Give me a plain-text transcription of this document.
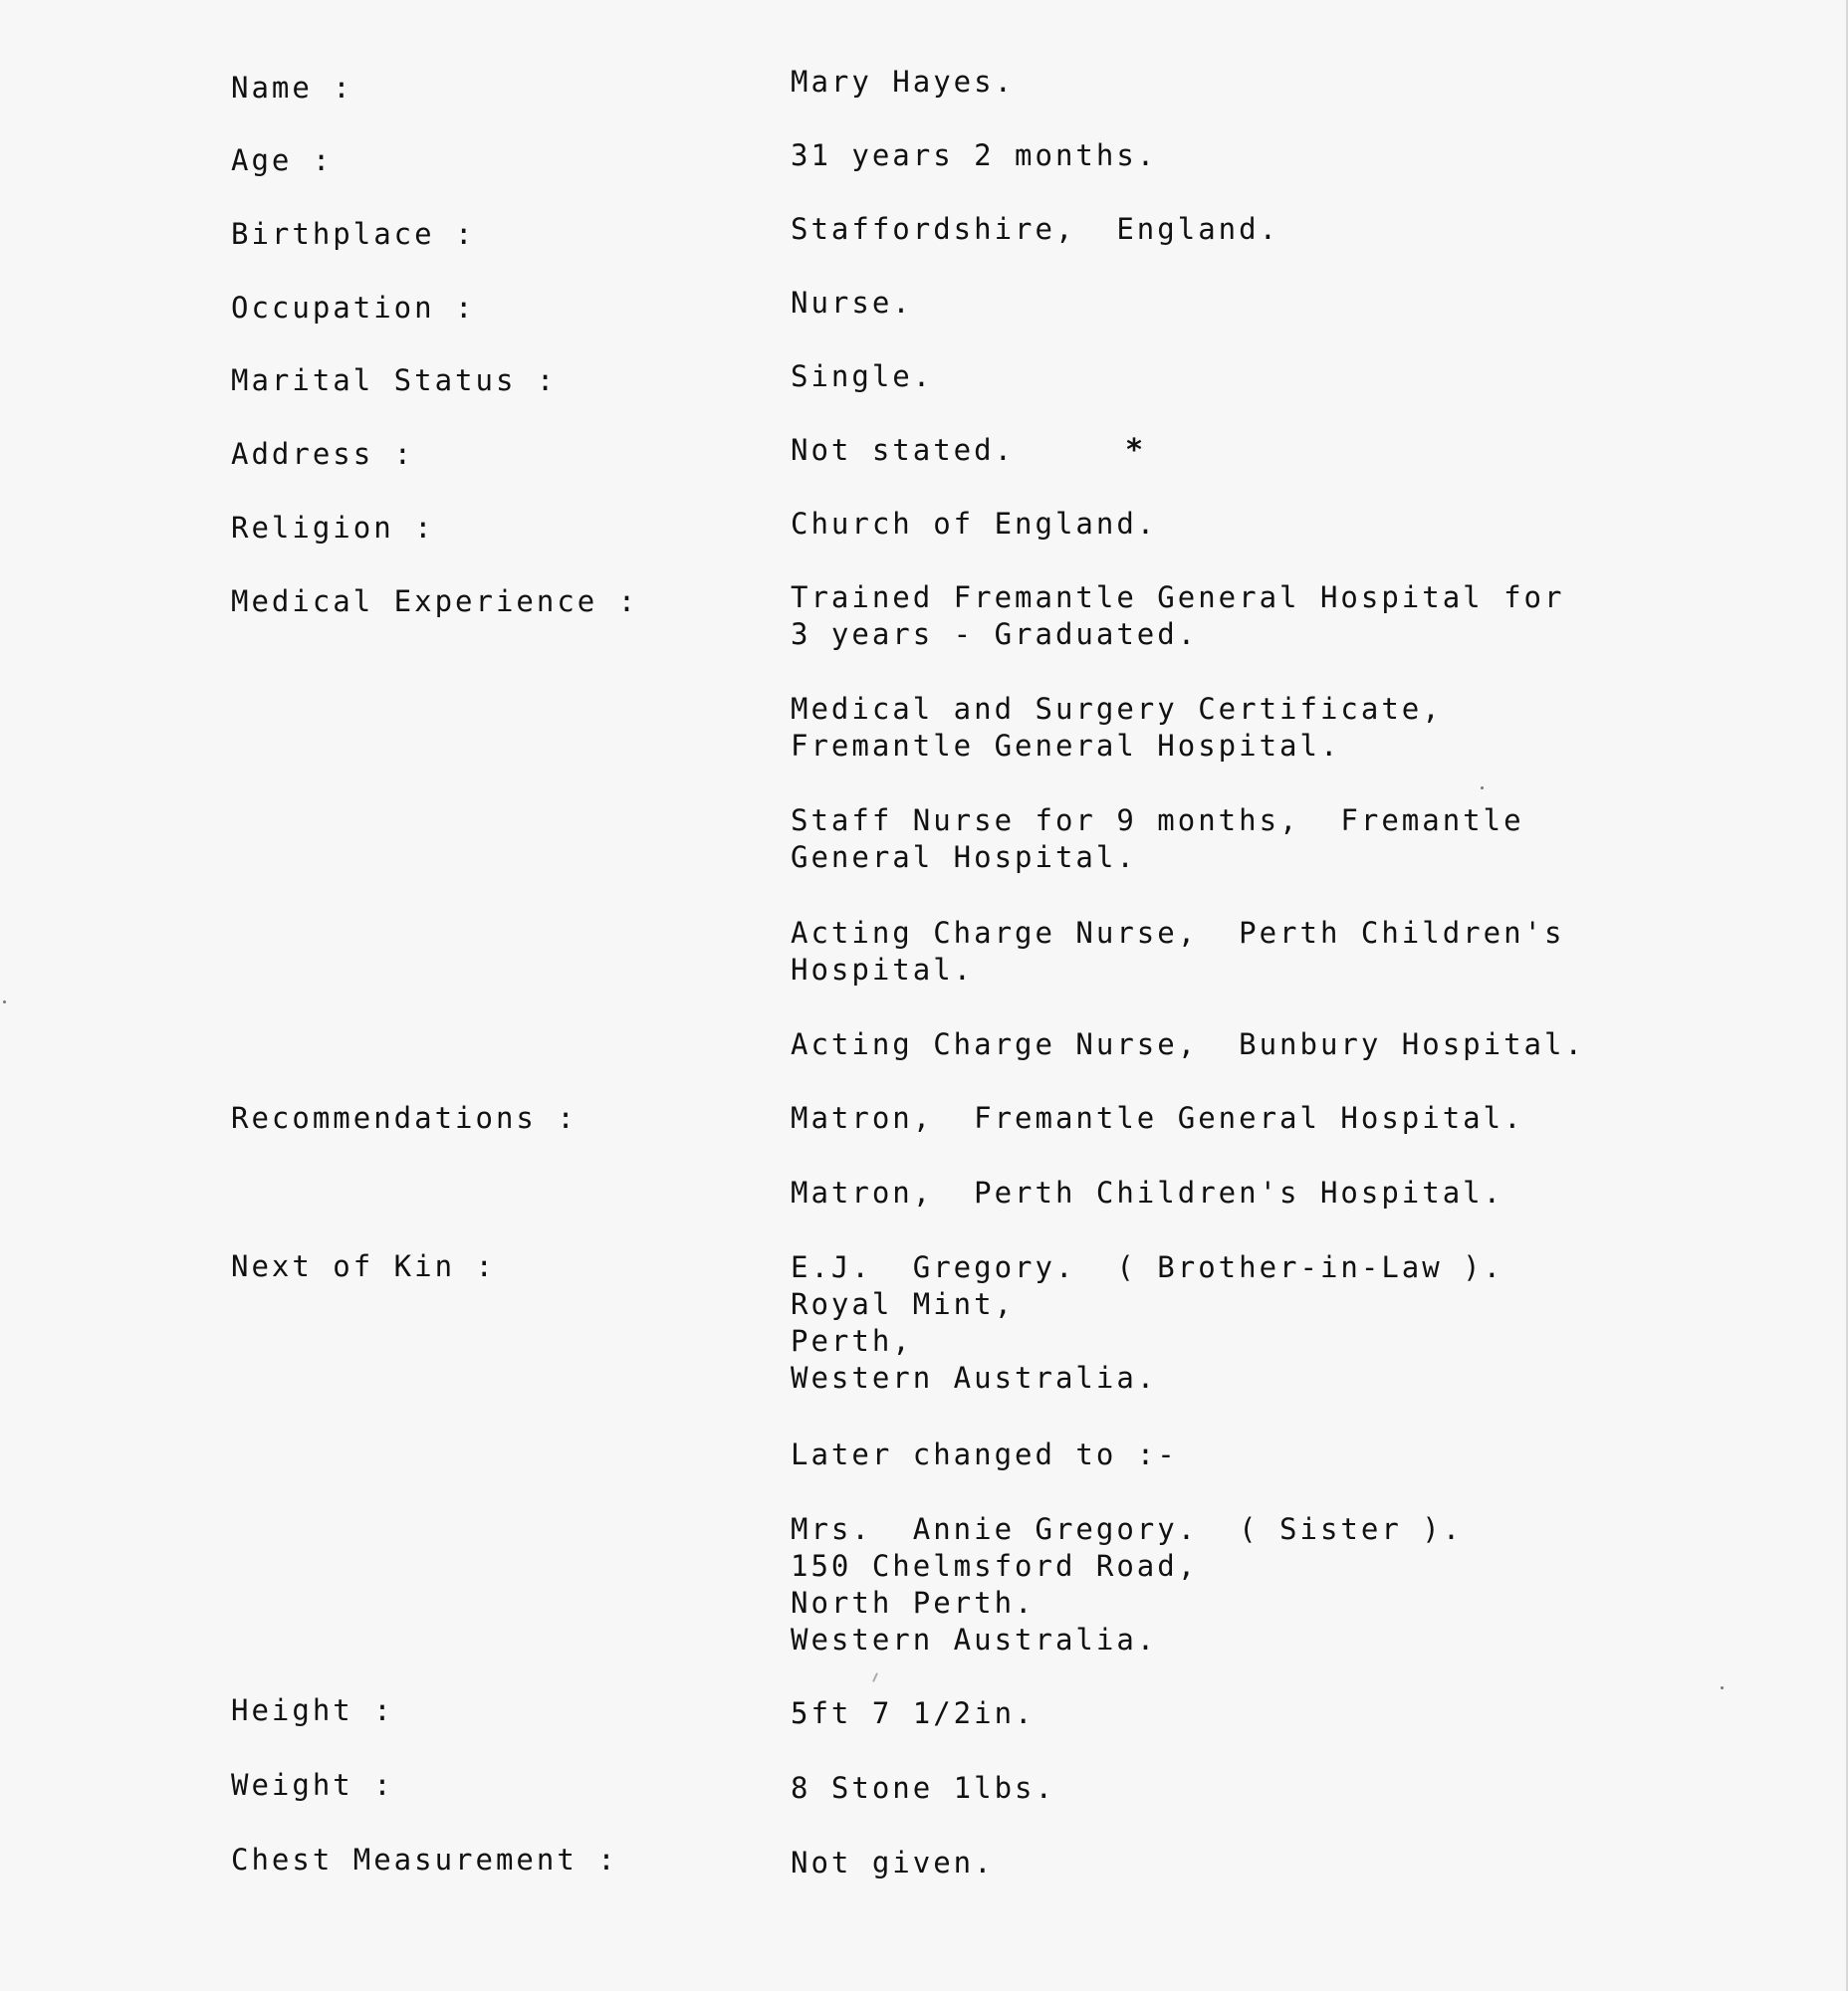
Name :	Mary Hayes.
Age :	31 years 2 months.
Birthplace :	Staffordshire,  England.
Occupation :	Nurse.
Marital Status :	Single.
Address :	Not stated.	*
Religion :	Church of England.
Medical Experience :	Trained Fremantle General Hospital for
3 years - Graduated.
Medical and Surgery Certificate,
Fremantle General Hospital.
Staff Nurse for 9 months,  Fremantle
General Hospital.
Acting Charge Nurse,  Perth Children's
Hospital.
Acting Charge Nurse,  Bunbury Hospital.
Recommendations :	Matron,  Fremantle General Hospital.
Matron,  Perth Children's Hospital.
Next of Kin :	E.J.  Gregory.  ( Brother-in-Law ).
Royal Mint,
Perth,
Western Australia.
Later changed to :-
Mrs.  Annie Gregory.  ( Sister ).
150 Chelmsford Road,
North Perth.
Western Australia.
Height :	5ft 7 1/2in.
Weight :	8 Stone 1lbs.
Chest Measurement :	Not given.
